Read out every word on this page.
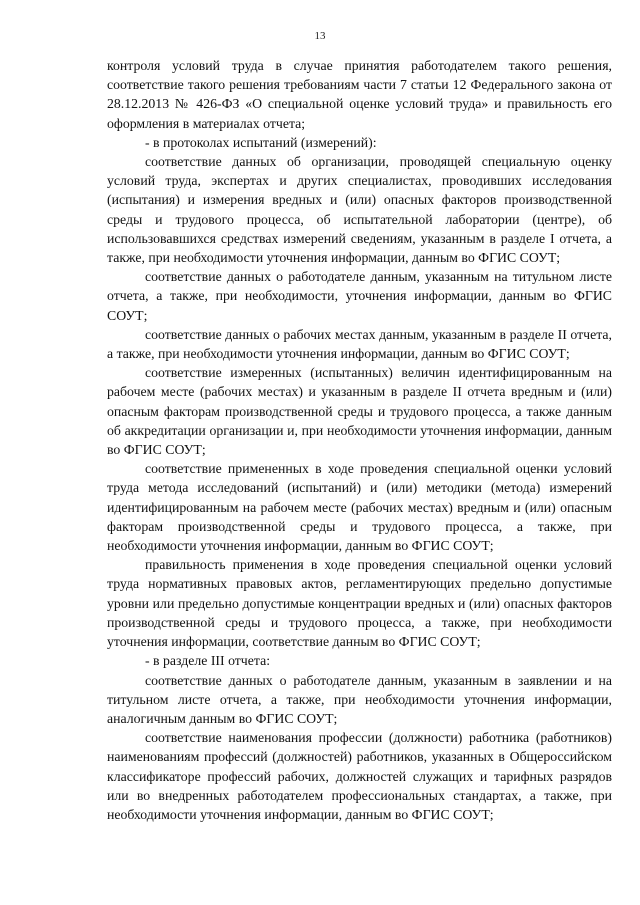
13

контроля условий труда в случае принятия работодателем такого решения, соответствие такого решения требованиям части 7 статьи 12 Федерального закона от 28.12.2013 № 426-ФЗ «О специальной оценке условий труда» и правильность его оформления в материалах отчета;

- в протоколах испытаний (измерений):

соответствие данных об организации, проводящей специальную оценку условий труда, экспертах и других специалистах, проводивших исследования (испытания) и измерения вредных и (или) опасных факторов производственной среды и трудового процесса, об испытательной лаборатории (центре), об использовавшихся средствах измерений сведениям, указанным в разделе I отчета, а также, при необходимости уточнения информации, данным во ФГИС СОУТ;

соответствие данных о работодателе данным, указанным на титульном листе отчета, а также, при необходимости, уточнения информации, данным во ФГИС СОУТ;

соответствие данных о рабочих местах данным, указанным в разделе II отчета, а также, при необходимости уточнения информации, данным во ФГИС СОУТ;

соответствие измеренных (испытанных) величин идентифицированным на рабочем месте (рабочих местах) и указанным в разделе II отчета вредным и (или) опасным факторам производственной среды и трудового процесса, а также данным об аккредитации организации и, при необходимости уточнения информации, данным во ФГИС СОУТ;

соответствие примененных в ходе проведения специальной оценки условий труда метода исследований (испытаний) и (или) методики (метода) измерений идентифицированным на рабочем месте (рабочих местах) вредным и (или) опасным факторам производственной среды и трудового процесса, а также, при необходимости уточнения информации, данным во ФГИС СОУТ;

правильность применения в ходе проведения специальной оценки условий труда нормативных правовых актов, регламентирующих предельно допустимые уровни или предельно допустимые концентрации вредных и (или) опасных факторов производственной среды и трудового процесса, а также, при необходимости уточнения информации, соответствие данным во ФГИС СОУТ;

- в разделе III отчета:

соответствие данных о работодателе данным, указанным в заявлении и на титульном листе отчета, а также, при необходимости уточнения информации, аналогичным данным во ФГИС СОУТ;

соответствие наименования профессии (должности) работника (работников) наименованиям профессий (должностей) работников, указанных в Общероссийском классификаторе профессий рабочих, должностей служащих и тарифных разрядов или во внедренных работодателем профессиональных стандартах, а также, при необходимости уточнения информации, данным во ФГИС СОУТ;
